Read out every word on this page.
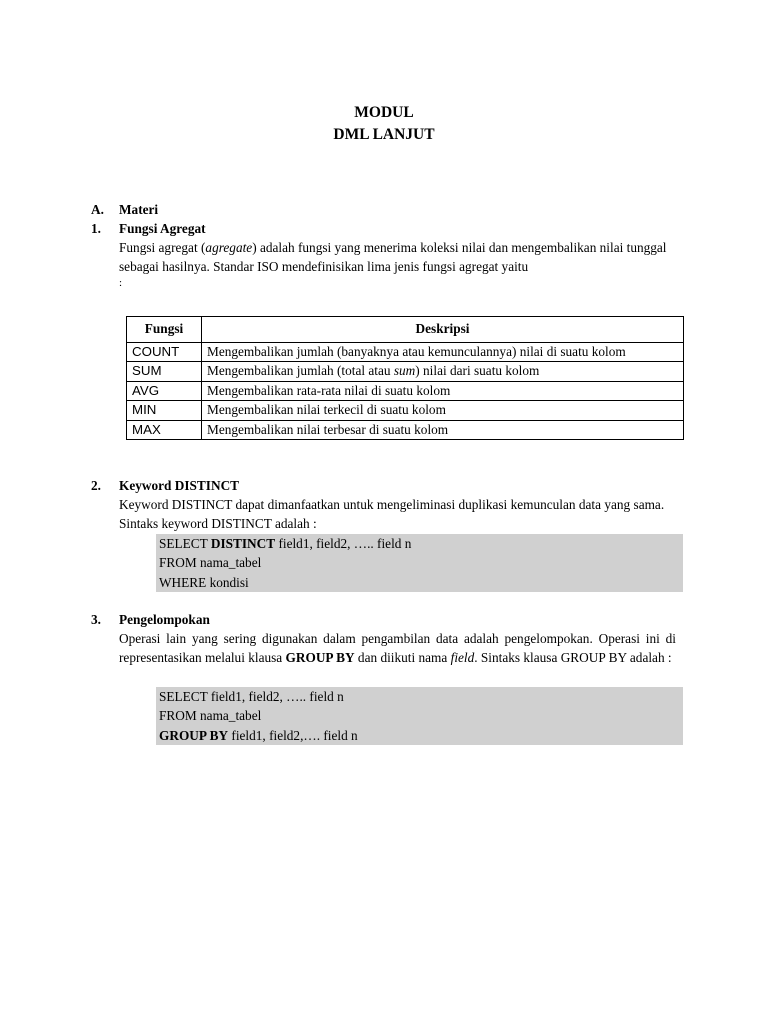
MODUL
DML LANJUT
A. Materi
1. Fungsi Agregat

Fungsi agregat (agregate) adalah fungsi yang menerima koleksi nilai dan mengembalikan nilai tunggal sebagai hasilnya. Standar ISO mendefinisikan lima jenis fungsi agregat yaitu

:

Fungsi	Deskripsi
COUNT	Mengembalikan jumlah (banyaknya atau kemunculannya) nilai di suatu kolom
SUM	Mengembalikan jumlah (total atau sum) nilai dari suatu kolom
AVG	Mengembalikan rata-rata nilai di suatu kolom
MIN	Mengembalikan nilai terkecil di suatu kolom
MAX	Mengembalikan nilai terbesar di suatu kolom
2. Keyword DISTINCT

Keyword DISTINCT dapat dimanfaatkan untuk mengeliminasi duplikasi kemunculan data yang sama. Sintaks keyword DISTINCT adalah :

SELECT DISTINCT field1, field2, ….. field n
FROM nama_tabel
WHERE kondisi
3. Pengelompokan

Operasi lain yang sering digunakan dalam pengambilan data adalah pengelompokan. Operasi ini di representasikan melalui klausa GROUP BY dan diikuti nama field. Sintaks klausa GROUP BY adalah :

SELECT field1, field2, ….. field n
FROM nama_tabel
GROUP BY field1, field2,…. field n
